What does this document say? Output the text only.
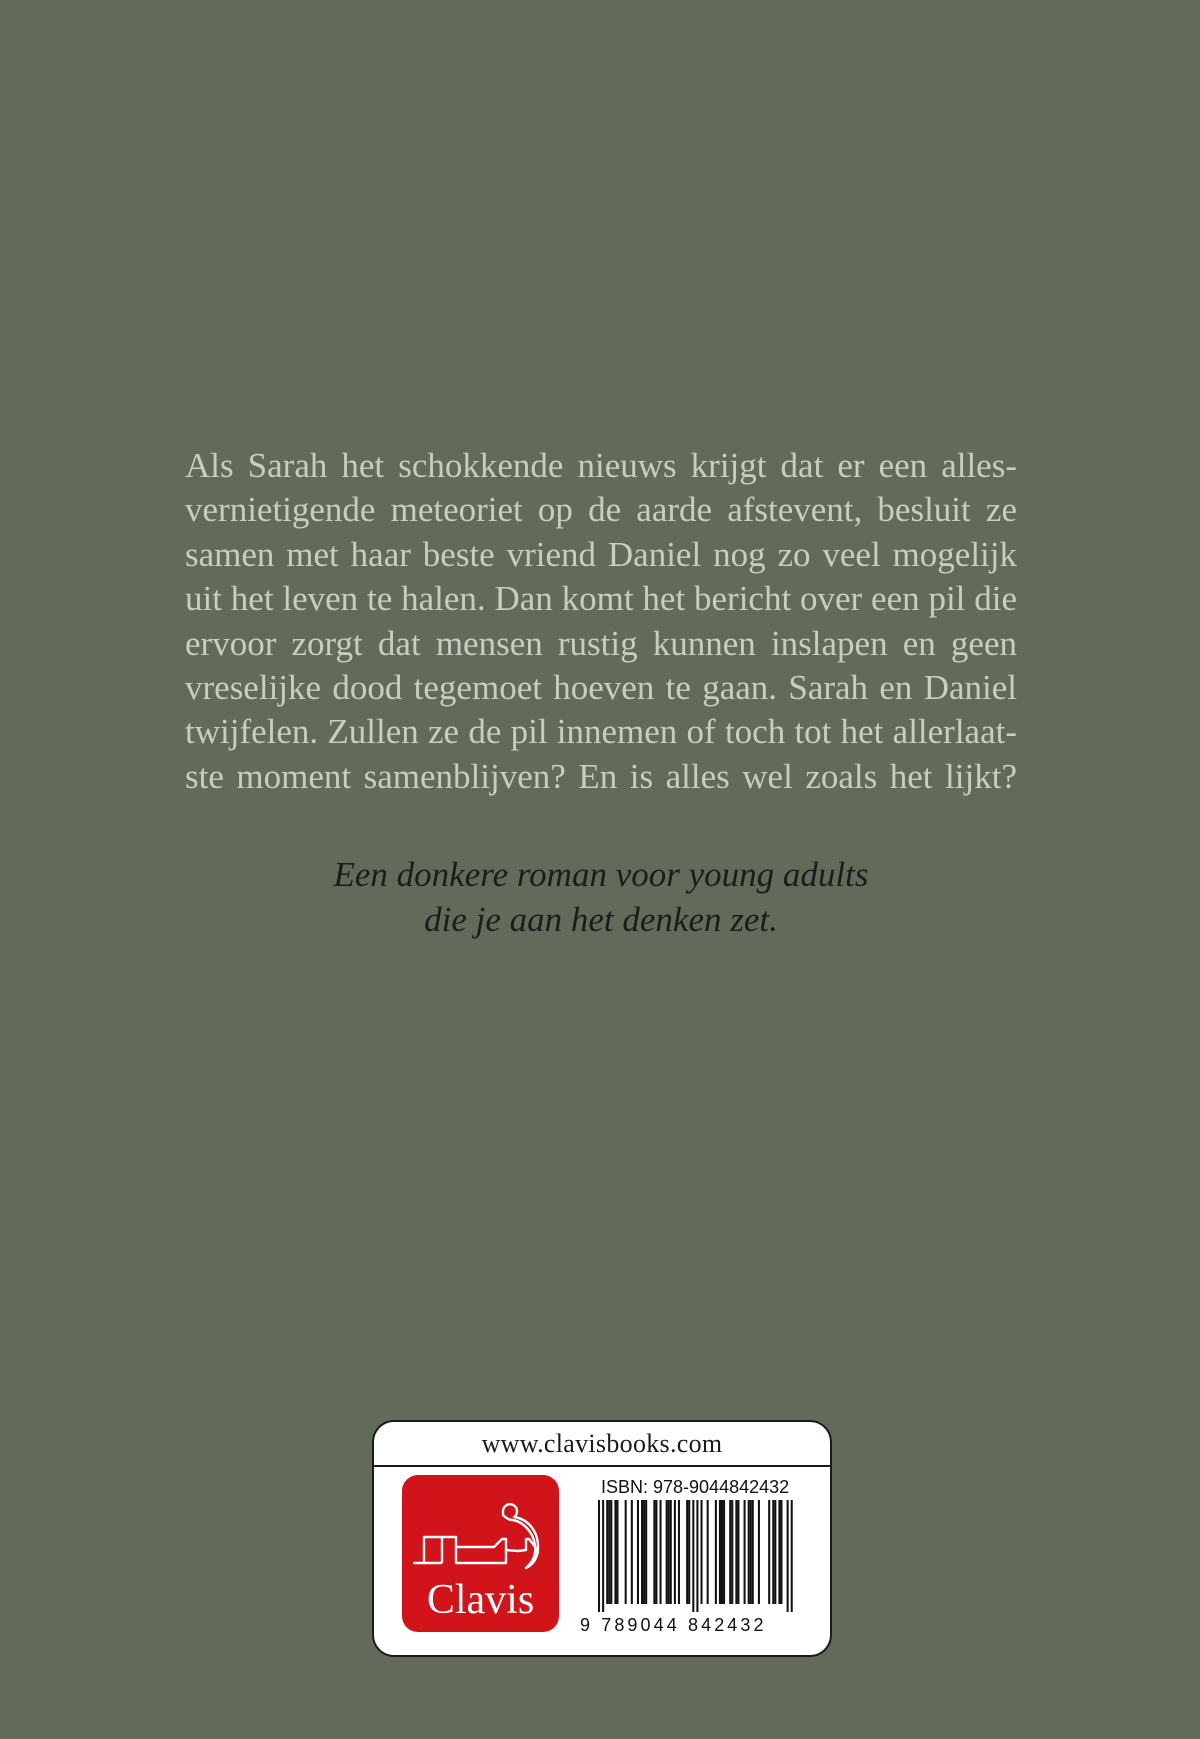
Als Sarah het schokkende nieuws krijgt dat er een alles-
vernietigende meteoriet op de aarde afstevent, besluit ze
samen met haar beste vriend Daniel nog zo veel mogelijk
uit het leven te halen. Dan komt het bericht over een pil die
ervoor zorgt dat mensen rustig kunnen inslapen en geen
vreselijke dood tegemoet hoeven te gaan. Sarah en Daniel
twijfelen. Zullen ze de pil innemen of toch tot het allerlaat-
ste moment samenblijven? En is alles wel zoals het lijkt?
Een donkere roman voor young adults
die je aan het denken zet.
www.clavisbooks.com
Clavis
ISBN: 978-9044842432
9 789044 842432
